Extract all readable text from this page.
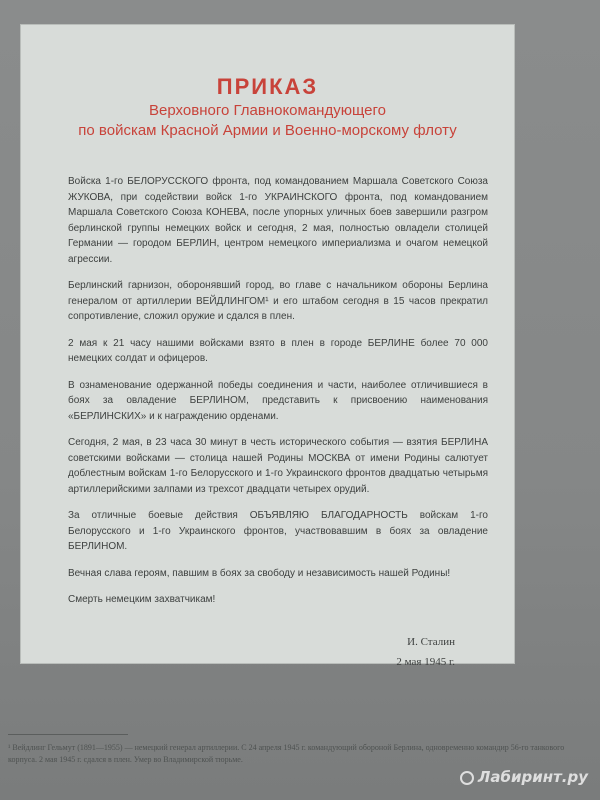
ПРИКАЗ
Верховного Главнокомандующего
по войскам Красной Армии и Военно-морскому флоту

Войска 1-го БЕЛОРУССКОГО фронта, под командованием Маршала Советского Союза ЖУКОВА, при содействии войск 1-го УКРАИНСКОГО фронта, под командованием Маршала Советского Союза КОНЕВА, после упорных уличных боев завершили разгром берлинской группы немецких войск и сегодня, 2 мая, полностью овладели столицей Германии — городом БЕРЛИН, центром немецкого империализма и очагом немецкой агрессии.

Берлинский гарнизон, оборонявший город, во главе с начальником обороны Берлина генералом от артиллерии ВЕЙДЛИНГОМ¹ и его штабом сегодня в 15 часов прекратил сопротивление, сложил оружие и сдался в плен.

2 мая к 21 часу нашими войсками взято в плен в городе БЕРЛИНЕ более 70 000 немецких солдат и офицеров.

В ознаменование одержанной победы соединения и части, наиболее отличившиеся в боях за овладение БЕРЛИНОМ, представить к присвоению наименования «БЕРЛИНСКИХ» и к награждению орденами.

Сегодня, 2 мая, в 23 часа 30 минут в честь исторического события — взятия БЕРЛИНА советскими войсками — столица нашей Родины МОСКВА от имени Родины салютует доблестным войскам 1-го Белорусского и 1-го Украинского фронтов двадцатью четырьмя артиллерийскими залпами из трехсот двадцати четырех орудий.

За отличные боевые действия ОБЪЯВЛЯЮ БЛАГОДАРНОСТЬ войскам 1-го Белорусского и 1-го Украинского фронтов, участвовавшим в боях за овладение БЕРЛИНОМ.

Вечная слава героям, павшим в боях за свободу и независимость нашей Родины!

Смерть немецким захватчикам!

И. Сталин
2 мая 1945 г.
¹ Вейдлинг Гельмут (1891—1955) — немецкий генерал артиллерии. С 24 апреля 1945 г. командующий обороной Берлина, одновременно командир 56-го танкового корпуса. 2 мая 1945 г. сдался в плен. Умер во Владимирской тюрьме.
Лабиринт.ру
